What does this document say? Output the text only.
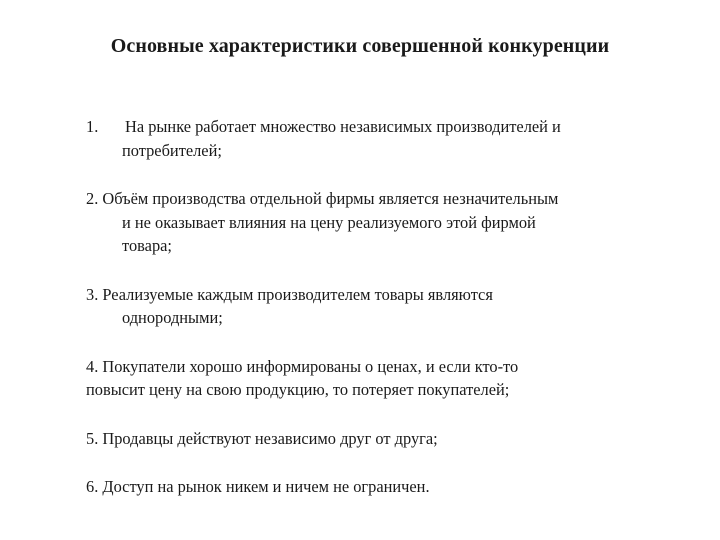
Основные характеристики совершенной конкуренции
1. На рынке работает множество независимых производителей и
потребителей;
2. Объём производства отдельной фирмы является незначительным
и не оказывает влияния на цену реализуемого этой фирмой
товара;
3. Реализуемые каждым производителем товары являются
однородными;
4. Покупатели хорошо информированы о ценах, и если кто-то
повысит цену на свою продукцию, то потеряет покупателей;
5. Продавцы действуют независимо друг от друга;
6. Доступ на рынок никем и ничем не ограничен.
